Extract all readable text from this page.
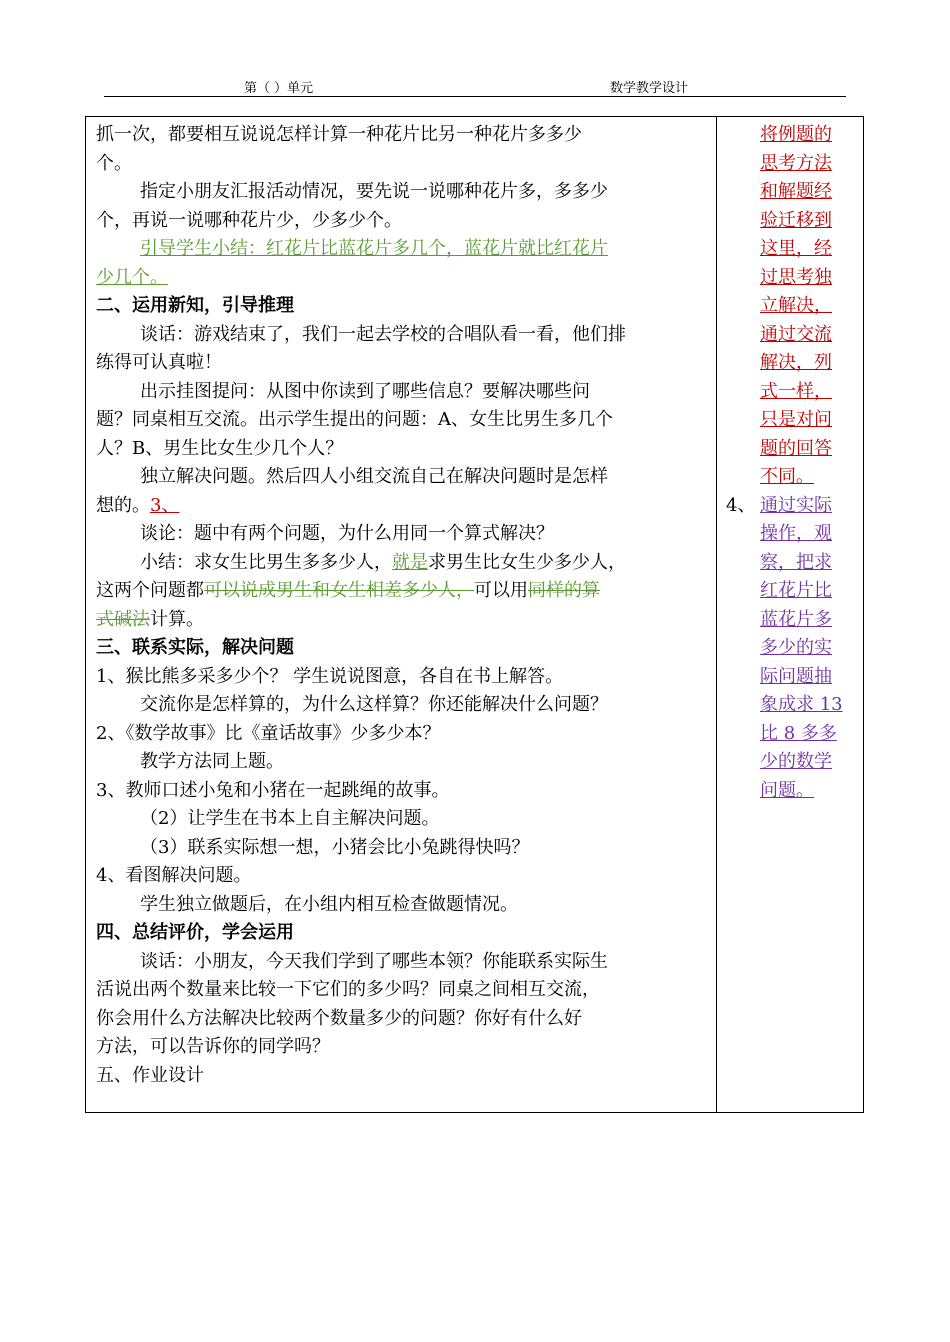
第（ ）单元	数学教学设计
抓一次，都要相互说说怎样计算一种花片比另一种花片多多少
个。
指定小朋友汇报活动情况，要先说一说哪种花片多，多多少
个，再说一说哪种花片少，少多少个。
引导学生小结：红花片比蓝花片多几个，蓝花片就比红花片
少几个。
二、运用新知，引导推理
谈话：游戏结束了，我们一起去学校的合唱队看一看，他们排
练得可认真啦！
出示挂图提问：从图中你读到了哪些信息？要解决哪些问
题？同桌相互交流。出示学生提出的问题：A、女生比男生多几个
人？B、男生比女生少几个人？
独立解决问题。然后四人小组交流自己在解决问题时是怎样
想的。3、
谈论：题中有两个问题，为什么用同一个算式解决？
小结：求女生比男生多多少人，就是求男生比女生少多少人，
这两个问题都可以说成男生和女生相差多少人，可以用同样的算
式碱法计算。
三、联系实际，解决问题
1、猴比熊多采多少个？ 学生说说图意，各自在书上解答。
交流你是怎样算的，为什么这样算？你还能解决什么问题？
2、《数学故事》比《童话故事》少多少本？
教学方法同上题。
3、教师口述小兔和小猪在一起跳绳的故事。
（2）让学生在书本上自主解决问题。
（3）联系实际想一想，小猪会比小兔跳得快吗？
4、看图解决问题。
学生独立做题后，在小组内相互检查做题情况。
四、总结评价，学会运用
谈话：小朋友，今天我们学到了哪些本领？你能联系实际生
活说出两个数量来比较一下它们的多少吗？同桌之间相互交流，
你会用什么方法解决比较两个数量多少的问题？你好有什么好
方法，可以告诉你的同学吗？
五、作业设计
将例题的
思考方法
和解题经
验迁移到
这里，经
过思考独
立解决，
通过交流
解决，列
式一样，
只是对问
题的回答
不同。
4、 通过实际
操作，观
察，把求
红花片比
蓝花片多
多少的实
际问题抽
象成求 13
比 8 多多
少的数学
问题。
